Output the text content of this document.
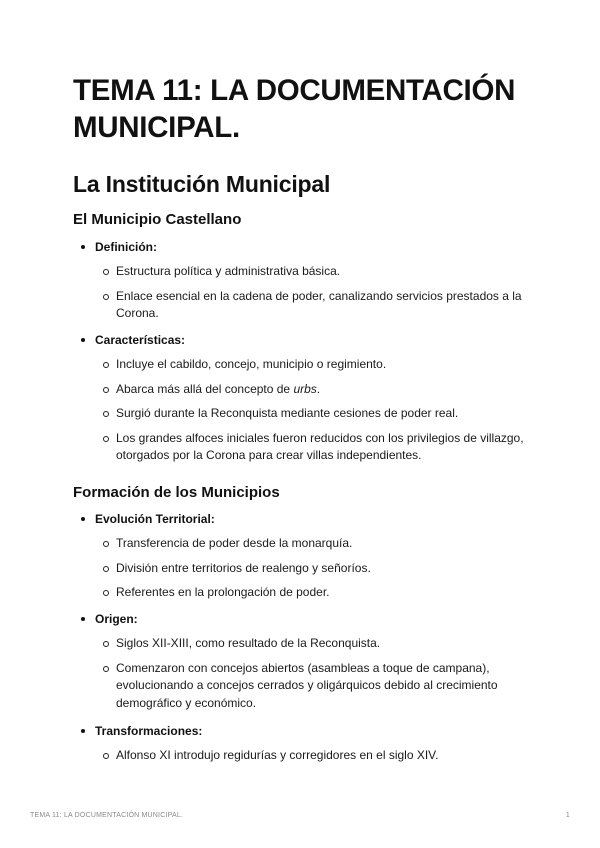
TEMA 11: LA DOCUMENTACIÓN MUNICIPAL.
La Institución Municipal
El Municipio Castellano
Definición:
Estructura política y administrativa básica.
Enlace esencial en la cadena de poder, canalizando servicios prestados a la Corona.
Características:
Incluye el cabildo, concejo, municipio o regimiento.
Abarca más allá del concepto de urbs.
Surgió durante la Reconquista mediante cesiones de poder real.
Los grandes alfoces iniciales fueron reducidos con los privilegios de villazgo, otorgados por la Corona para crear villas independientes.
Formación de los Municipios
Evolución Territorial:
Transferencia de poder desde la monarquía.
División entre territorios de realengo y señoríos.
Referentes en la prolongación de poder.
Origen:
Siglos XII-XIII, como resultado de la Reconquista.
Comenzaron con concejos abiertos (asambleas a toque de campana), evolucionando a concejos cerrados y oligárquicos debido al crecimiento demográfico y económico.
Transformaciones:
Alfonso XI introdujo regidurías y corregidores en el siglo XIV.
TEMA 11: LA DOCUMENTACIÓN MUNICIPAL.	1
